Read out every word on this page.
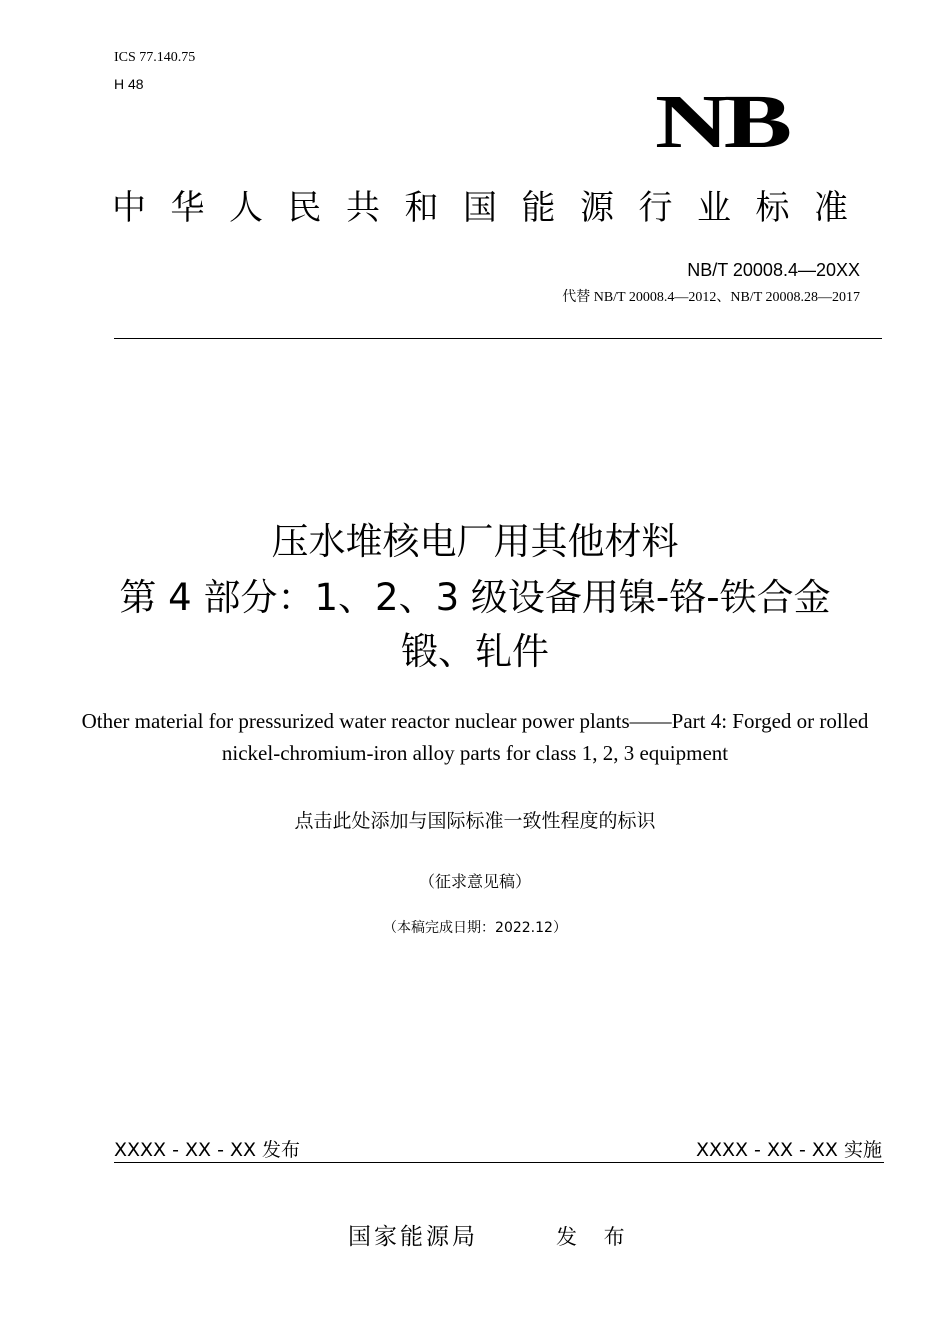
ICS 77.140.75
H 48	NB
中华人民共和国能源行业标准
NB/T 20008.4—20XX
代替 NB/T 20008.4—2012、NB/T 20008.28—2017
压水堆核电厂用其他材料
第 4 部分：1、2、3 级设备用镍-铬-铁合金
锻、轧件
Other material for pressurized water reactor nuclear power plants——Part 4: Forged or rolled nickel-chromium-iron alloy parts for class 1, 2, 3 equipment
点击此处添加与国际标准一致性程度的标识
（征求意见稿）
（本稿完成日期：2022.12）
XXXX - XX - XX 发布	XXXX - XX - XX 实施
国家能源局	发 布
